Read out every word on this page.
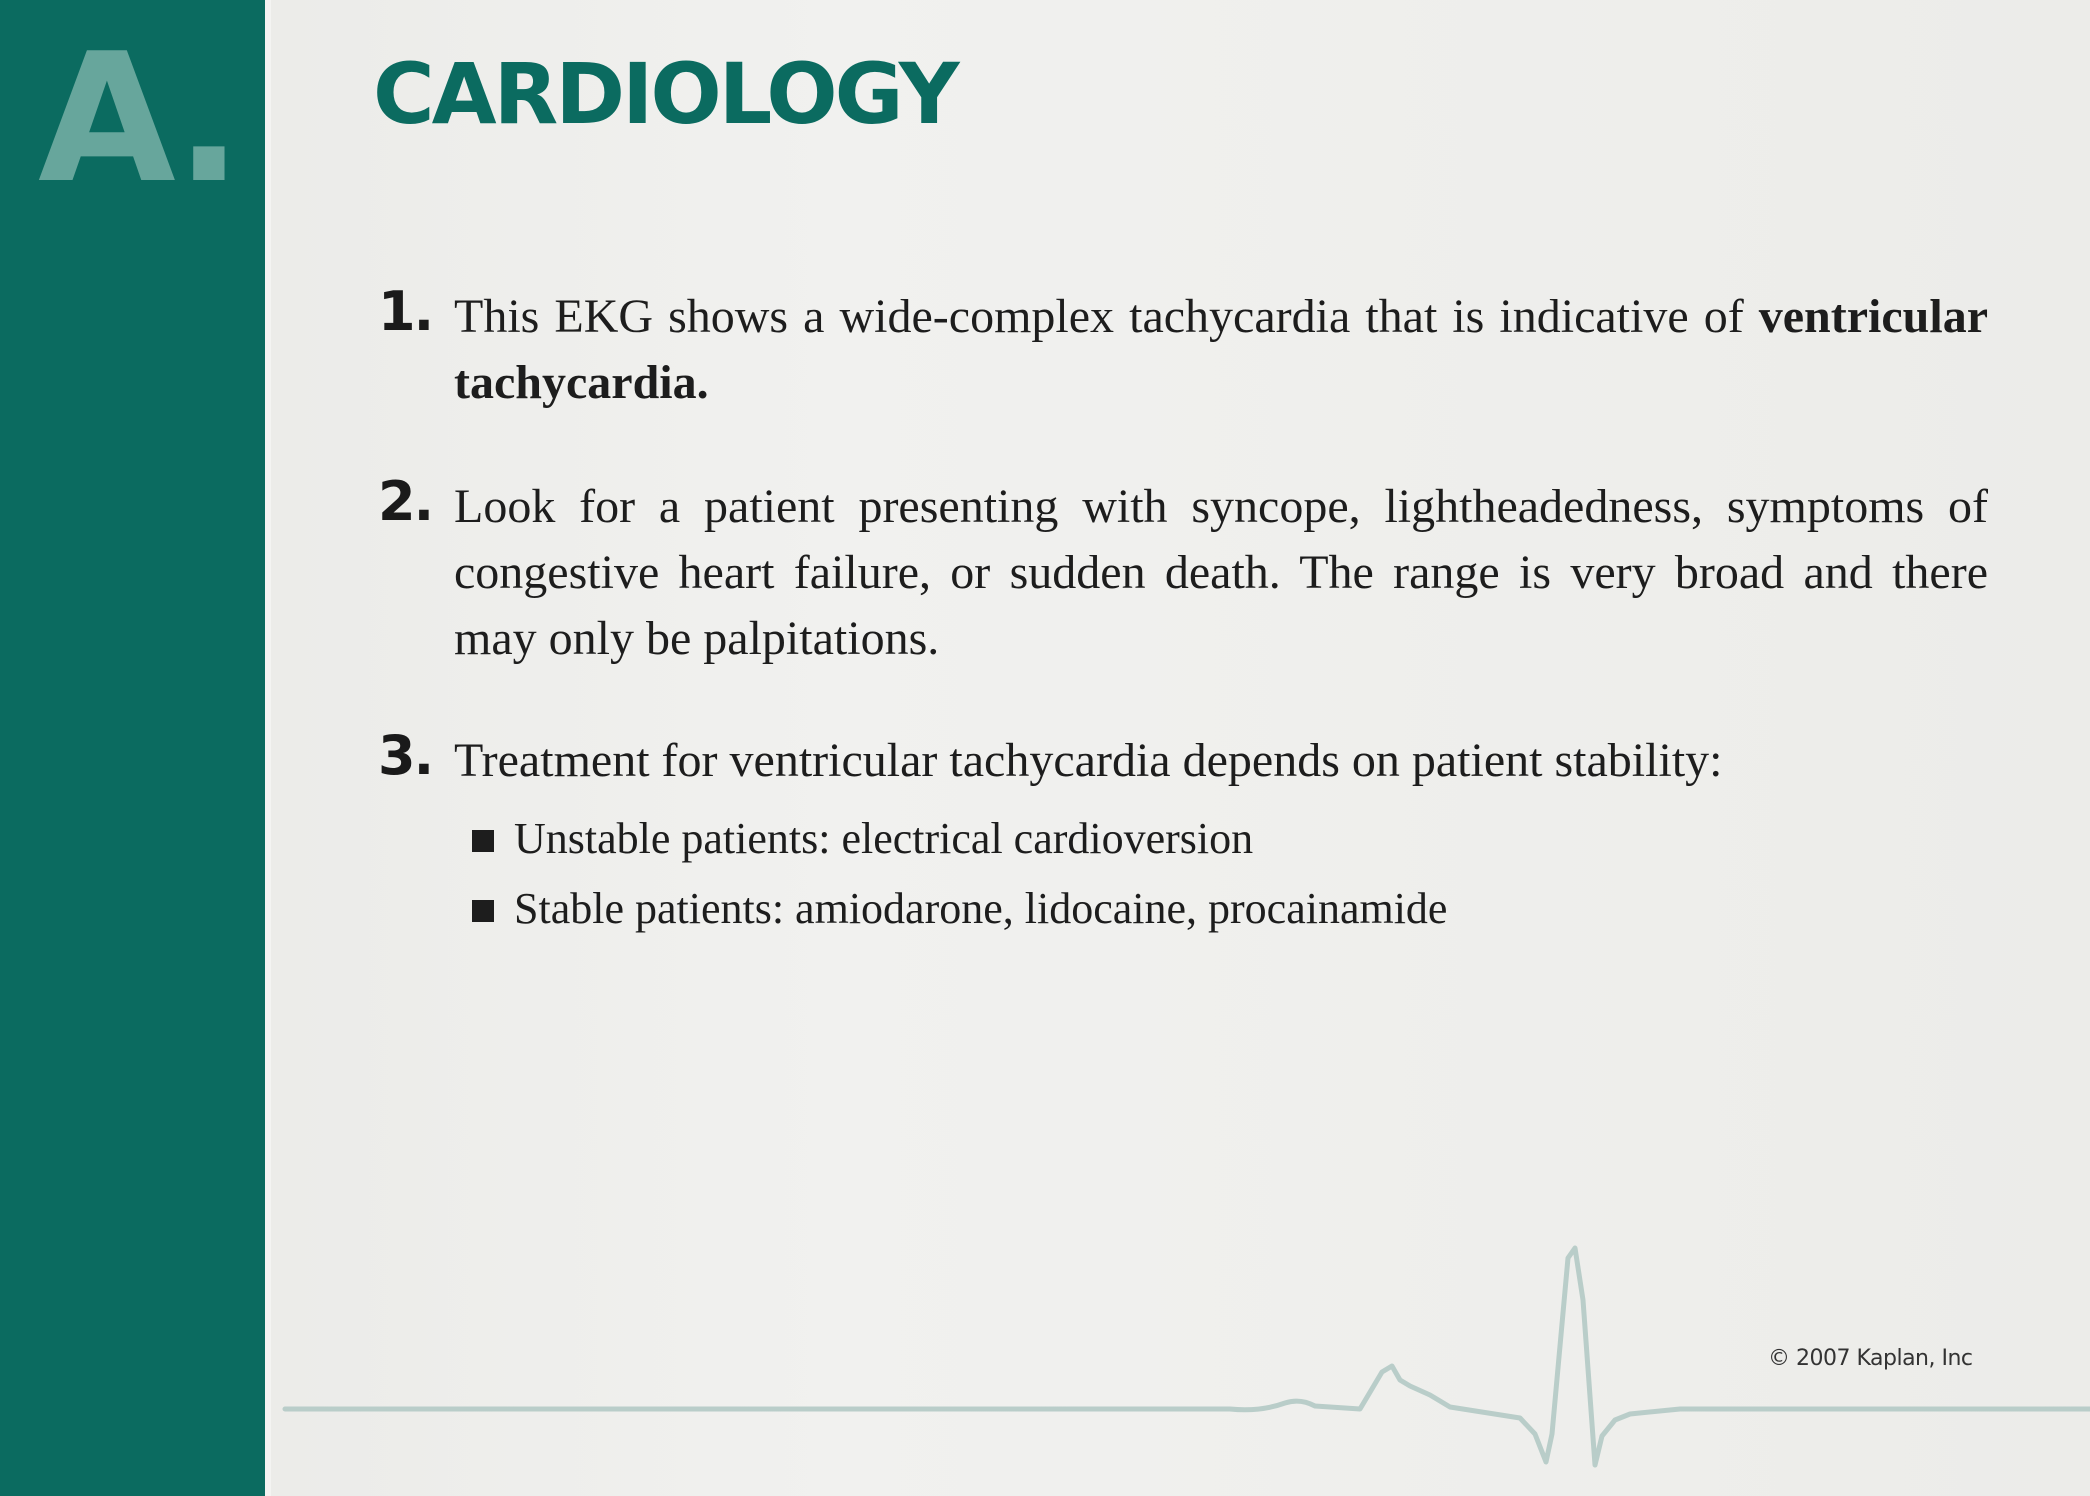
A. CARDIOLOGY
1. This EKG shows a wide-complex tachycardia that is indicative of ventricular tachycardia.
2. Look for a patient presenting with syncope, lightheadedness, symptoms of congestive heart failure, or sudden death. The range is very broad and there may only be palpitations.
3. Treatment for ventricular tachycardia depends on patient stability:
Unstable patients: electrical cardioversion
Stable patients: amiodarone, lidocaine, procainamide
© 2007 Kaplan, Inc
